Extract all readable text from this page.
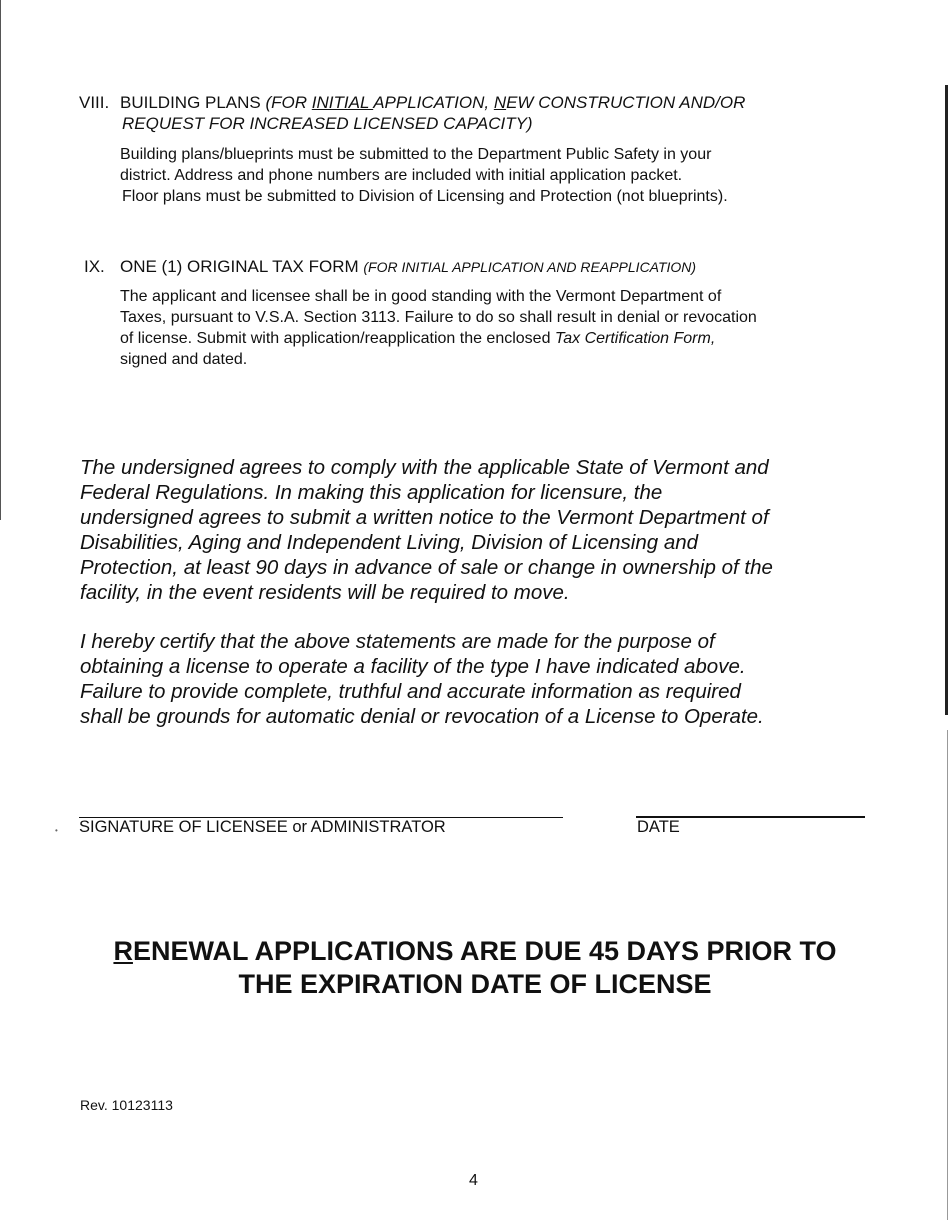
VIII. BUILDING PLANS (FOR INITIAL APPLICATION, NEW CONSTRUCTION AND/OR
REQUEST FOR INCREASED LICENSED CAPACITY)

Building plans/blueprints must be submitted to the Department Public Safety in your

district. Address and phone numbers are included with initial application packet.

Floor plans must be submitted to Division of Licensing and Protection (not blueprints).

IX. ONE (1) ORIGINAL TAX FORM (FOR INITIAL APPLICATION AND REAPPLICATION)

The applicant and licensee shall be in good standing with the Vermont Department of

Taxes, pursuant to V.S.A. Section 3113. Failure to do so shall result in denial or revocation

of license. Submit with application/reapplication the enclosed Tax Certification Form,

signed and dated.

The undersigned agrees to comply with the applicable State of Vermont and

Federal Regulations. In making this application for licensure, the

undersigned agrees to submit a written notice to the Vermont Department of

Disabilities, Aging and Independent Living, Division of Licensing and

Protection, at least 90 days in advance of sale or change in ownership of the

facility, in the event residents will be required to move.

I hereby certify that the above statements are made for the purpose of

obtaining a license to operate a facility of the type I have indicated above.

Failure to provide complete, truthful and accurate information as required

shall be grounds for automatic denial or revocation of a License to Operate.

• SIGNATURE OF LICENSEE or ADMINISTRATOR	DATE
RENEWAL APPLICATIONS ARE DUE 45 DAYS PRIOR TO
THE EXPIRATION DATE OF LICENSE
Rev. 10123113
4
